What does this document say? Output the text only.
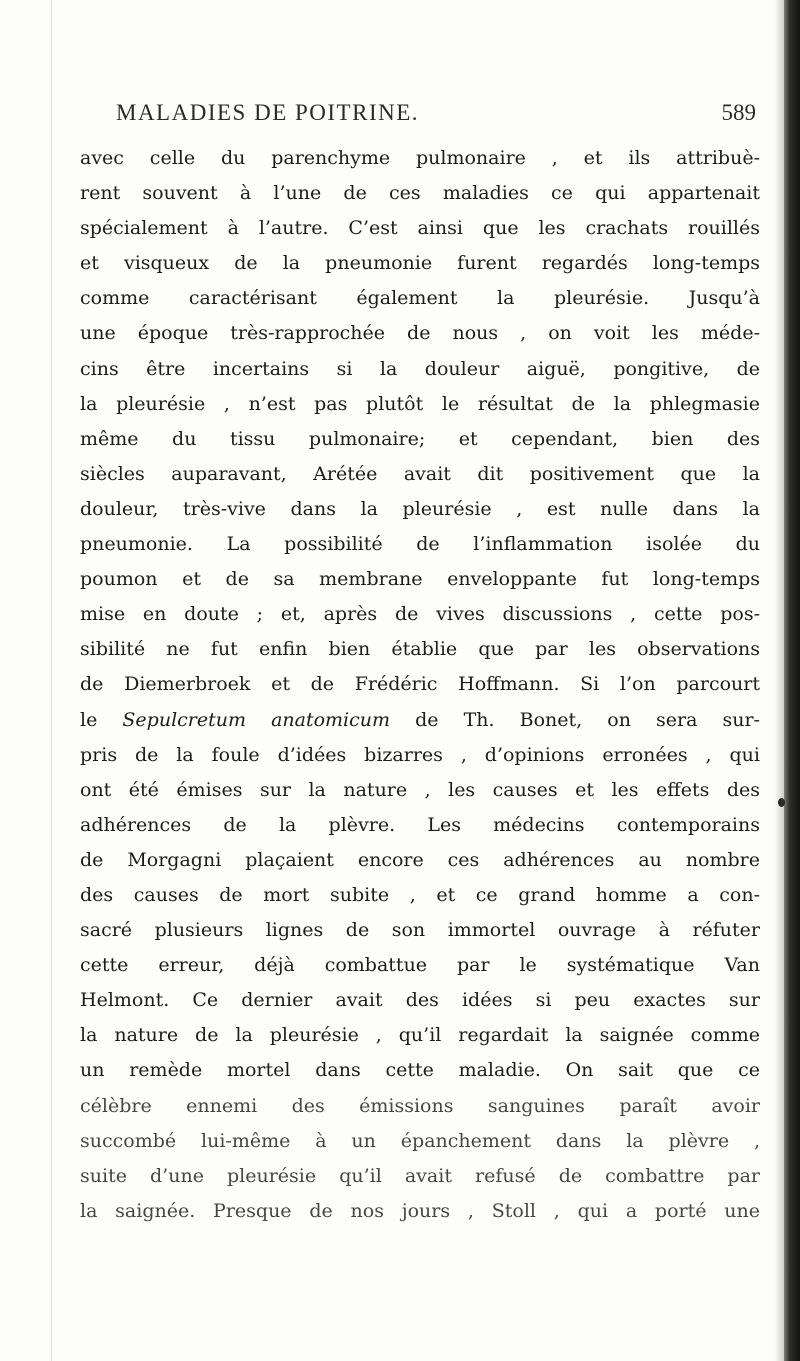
MALADIES DE POITRINE.	589
avec celle du parenchyme pulmonaire , et ils attribuè-
rent souvent à l’une de ces maladies ce qui appartenait
spécialement à l’autre. C’est ainsi que les crachats rouillés
et visqueux de la pneumonie furent regardés long-temps
comme caractérisant également la pleurésie. Jusqu’à
une époque très-rapprochée de nous , on voit les méde-
cins être incertains si la douleur aiguë, pongitive, de
la pleurésie , n’est pas plutôt le résultat de la phlegmasie
même du tissu pulmonaire; et cependant, bien des
siècles auparavant, Arétée avait dit positivement que la
douleur, très-vive dans la pleurésie , est nulle dans la
pneumonie. La possibilité de l’inflammation isolée du
poumon et de sa membrane enveloppante fut long-temps
mise en doute ; et, après de vives discussions , cette pos-
sibilité ne fut enfin bien établie que par les observations
de Diemerbroek et de Frédéric Hoffmann. Si l’on parcourt
le Sepulcretum anatomicum de Th. Bonet, on sera sur-
pris de la foule d’idées bizarres , d’opinions erronées , qui
ont été émises sur la nature , les causes et les effets des
adhérences de la plèvre. Les médecins contemporains
de Morgagni plaçaient encore ces adhérences au nombre
des causes de mort subite , et ce grand homme a con-
sacré plusieurs lignes de son immortel ouvrage à réfuter
cette erreur, déjà combattue par le systématique Van
Helmont. Ce dernier avait des idées si peu exactes sur
la nature de la pleurésie , qu’il regardait la saignée comme
un remède mortel dans cette maladie. On sait que ce
célèbre ennemi des émissions sanguines paraît avoir
succombé lui-même à un épanchement dans la plèvre ,
suite d’une pleurésie qu’il avait refusé de combattre par
la saignée. Presque de nos jours , Stoll , qui a porté une
